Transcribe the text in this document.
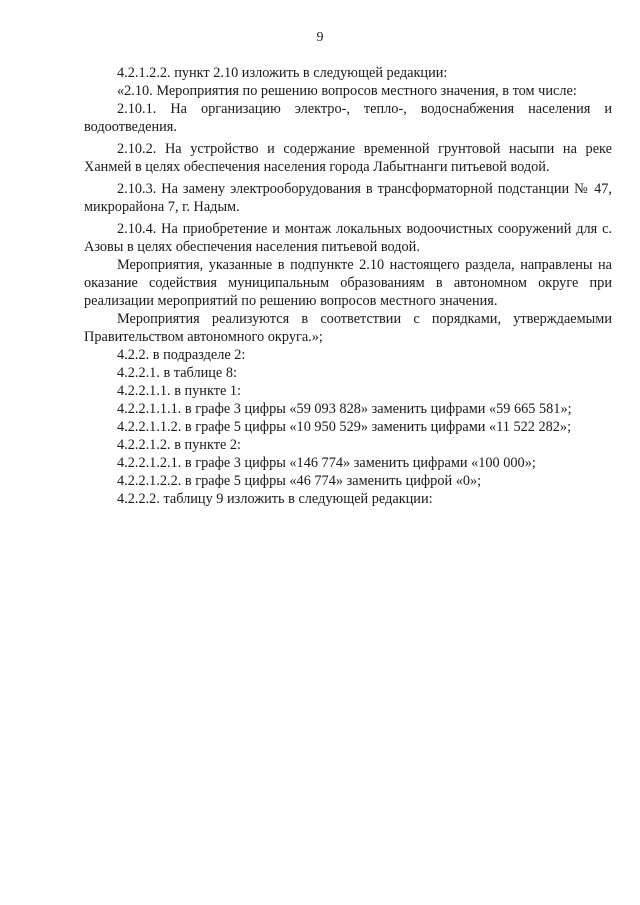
9

4.2.1.2.2. пункт 2.10 изложить в следующей редакции:

«2.10. Мероприятия по решению вопросов местного значения, в том числе:

2.10.1. На организацию электро-, тепло-, водоснабжения населения и водоотведения.

2.10.2. На устройство и содержание временной грунтовой насыпи на реке Ханмей в целях обеспечения населения города Лабытнанги питьевой водой.

2.10.3. На замену электрооборудования в трансформаторной подстанции № 47, микрорайона 7, г. Надым.

2.10.4. На приобретение и монтаж локальных водоочистных сооружений для с. Азовы в целях обеспечения населения питьевой водой.

Мероприятия, указанные в подпункте 2.10 настоящего раздела, направлены на оказание содействия муниципальным образованиям в автономном округе при реализации мероприятий по решению вопросов местного значения.

Мероприятия реализуются в соответствии с порядками, утверждаемыми Правительством автономного округа.»;

4.2.2. в подразделе 2:

4.2.2.1. в таблице 8:

4.2.2.1.1. в пункте 1:

4.2.2.1.1.1. в графе 3 цифры «59 093 828» заменить цифрами «59 665 581»;

4.2.2.1.1.2. в графе 5 цифры «10 950 529» заменить цифрами «11 522 282»;

4.2.2.1.2. в пункте 2:

4.2.2.1.2.1. в графе 3 цифры «146 774» заменить цифрами «100 000»;

4.2.2.1.2.2. в графе 5 цифры «46 774» заменить цифрой «0»;

4.2.2.2. таблицу 9 изложить в следующей редакции:
